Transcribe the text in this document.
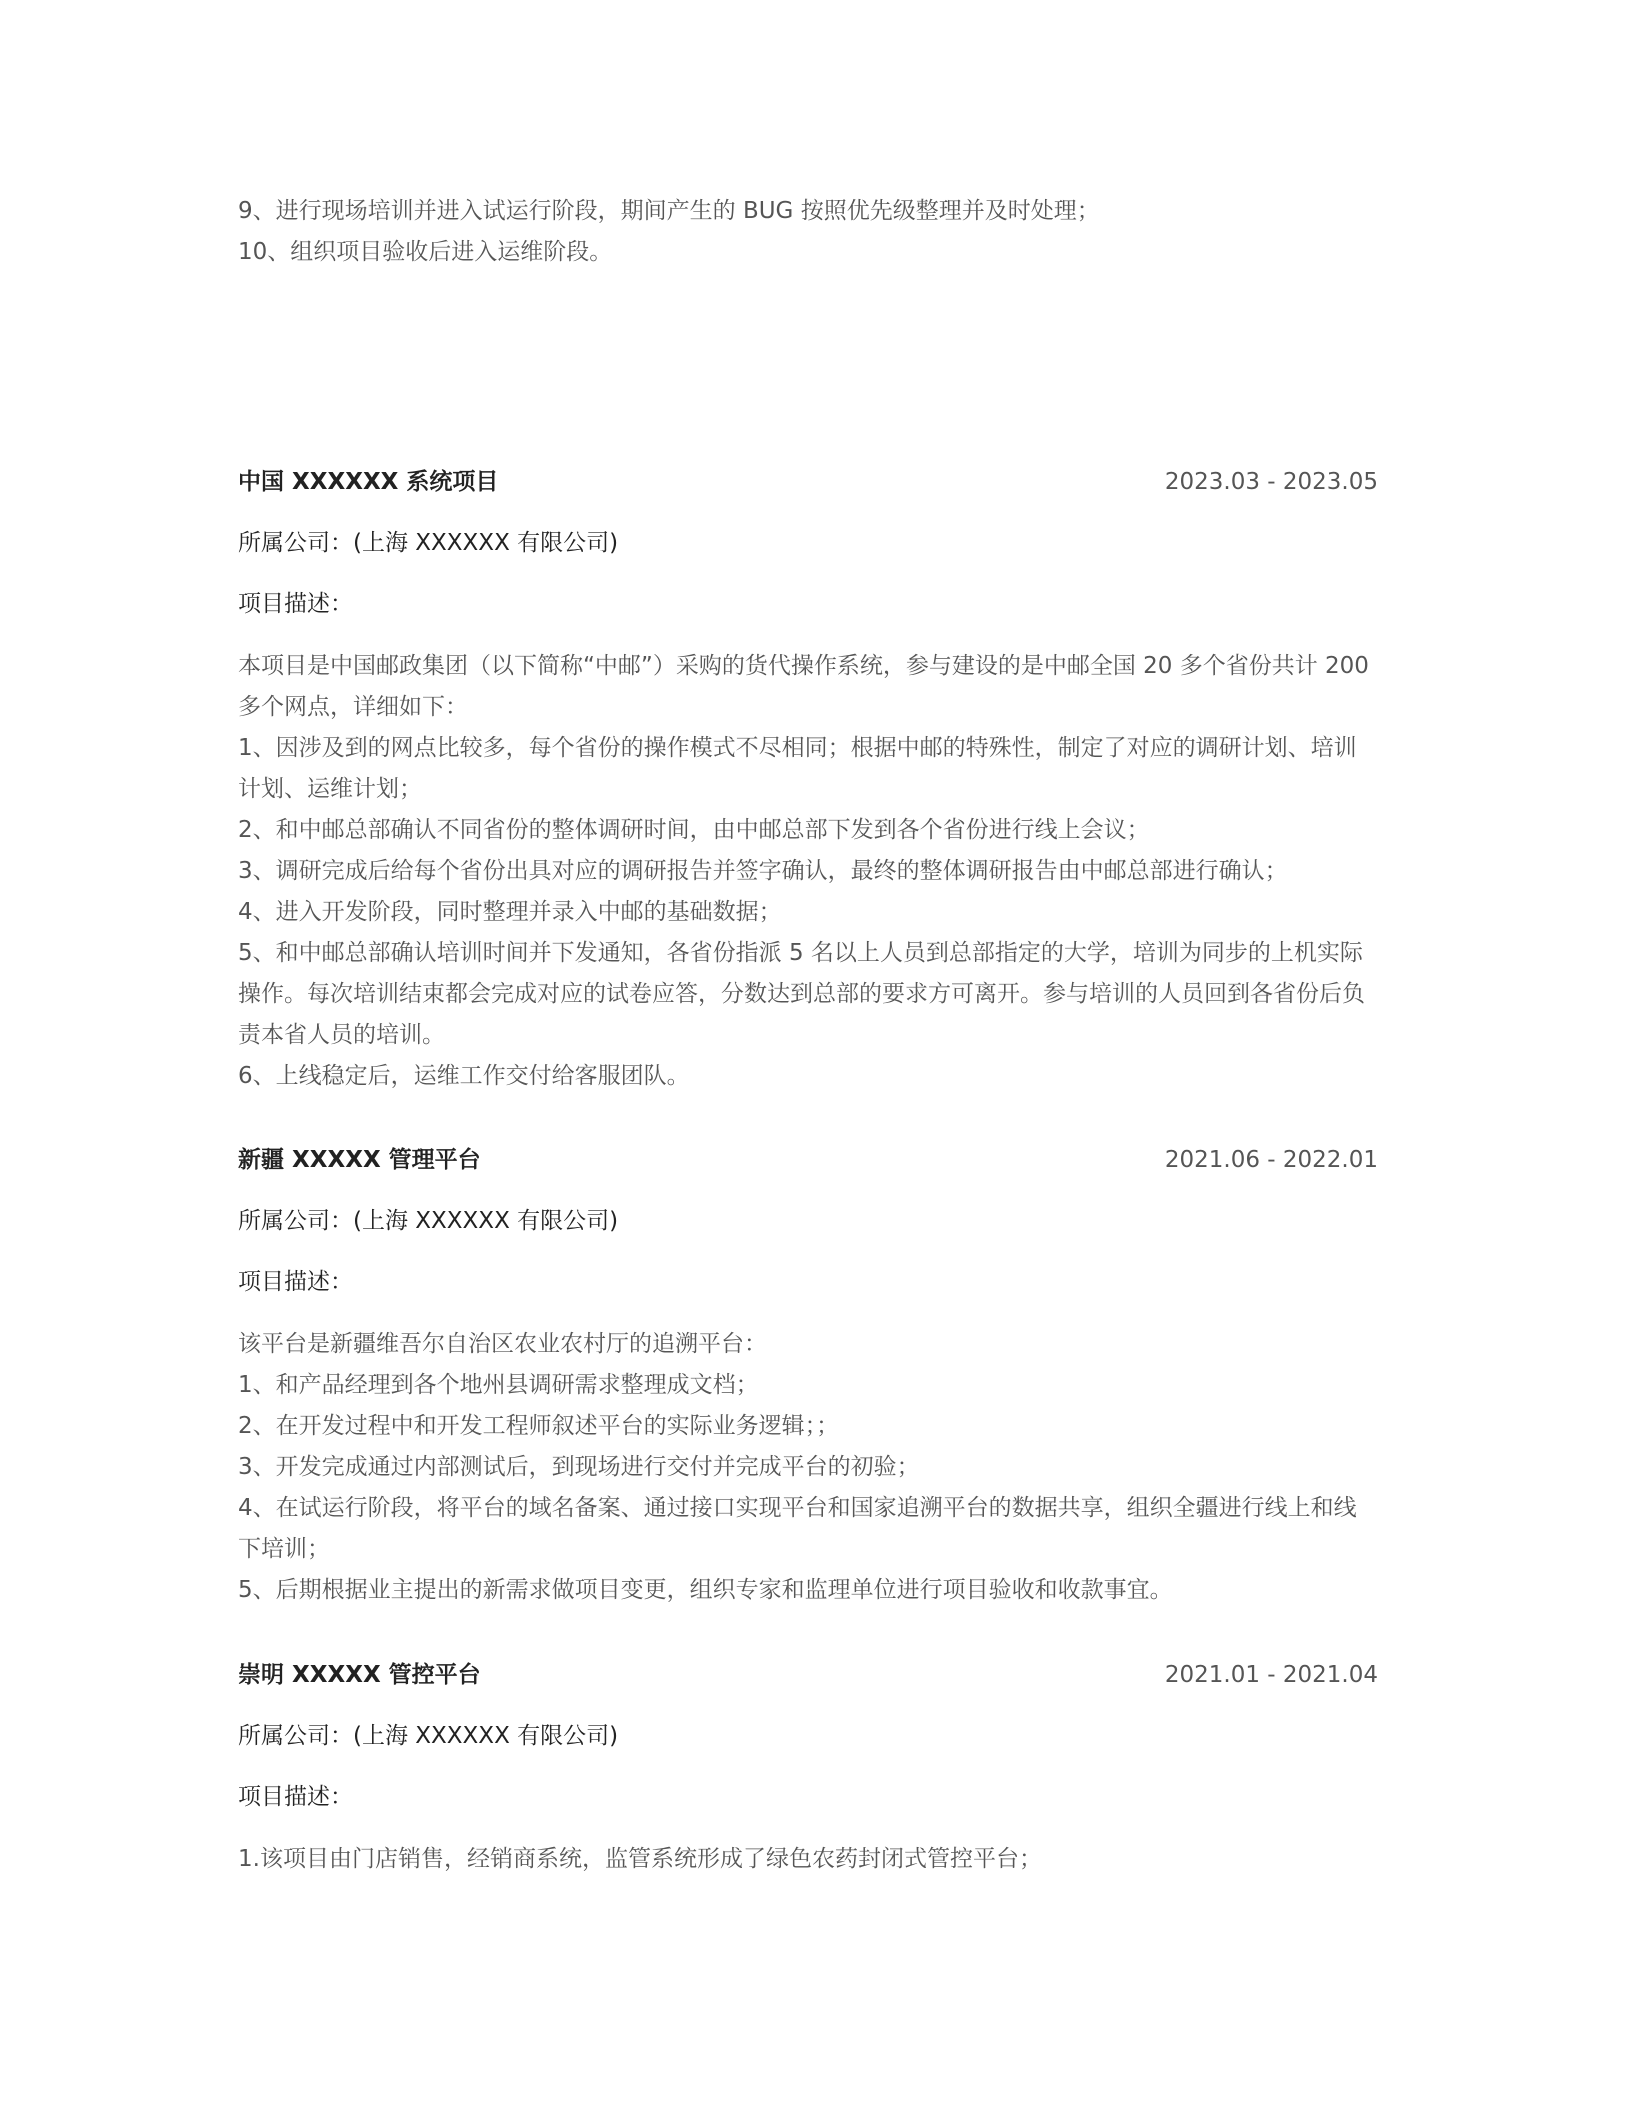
9、进行现场培训并进入试运行阶段，期间产生的 BUG 按照优先级整理并及时处理；

10、组织项目验收后进入运维阶段。

中国 XXXXXX 系统项目	2023.03 - 2023.05
所属公司：(上海 XXXXXX 有限公司)
项目描述：

本项目是中国邮政集团（以下简称“中邮”）采购的货代操作系统，参与建设的是中邮全国 20 多个省份共计 200 多个网点，详细如下：

1、因涉及到的网点比较多，每个省份的操作模式不尽相同；根据中邮的特殊性，制定了对应的调研计划、培训计划、运维计划；

2、和中邮总部确认不同省份的整体调研时间，由中邮总部下发到各个省份进行线上会议；

3、调研完成后给每个省份出具对应的调研报告并签字确认，最终的整体调研报告由中邮总部进行确认；

4、进入开发阶段，同时整理并录入中邮的基础数据；

5、和中邮总部确认培训时间并下发通知，各省份指派 5 名以上人员到总部指定的大学，培训为同步的上机实际操作。每次培训结束都会完成对应的试卷应答，分数达到总部的要求方可离开。参与培训的人员回到各省份后负责本省人员的培训。

6、上线稳定后，运维工作交付给客服团队。

新疆 XXXXX 管理平台	2021.06 - 2022.01
所属公司：(上海 XXXXXX 有限公司)
项目描述：

该平台是新疆维吾尔自治区农业农村厅的追溯平台：

1、和产品经理到各个地州县调研需求整理成文档；

2、在开发过程中和开发工程师叙述平台的实际业务逻辑；；

3、开发完成通过内部测试后，到现场进行交付并完成平台的初验；

4、在试运行阶段，将平台的域名备案、通过接口实现平台和国家追溯平台的数据共享，组织全疆进行线上和线下培训；

5、后期根据业主提出的新需求做项目变更，组织专家和监理单位进行项目验收和收款事宜。

崇明 XXXXX 管控平台	2021.01 - 2021.04
所属公司：(上海 XXXXXX 有限公司)
项目描述：

1.该项目由门店销售，经销商系统，监管系统形成了绿色农药封闭式管控平台；
